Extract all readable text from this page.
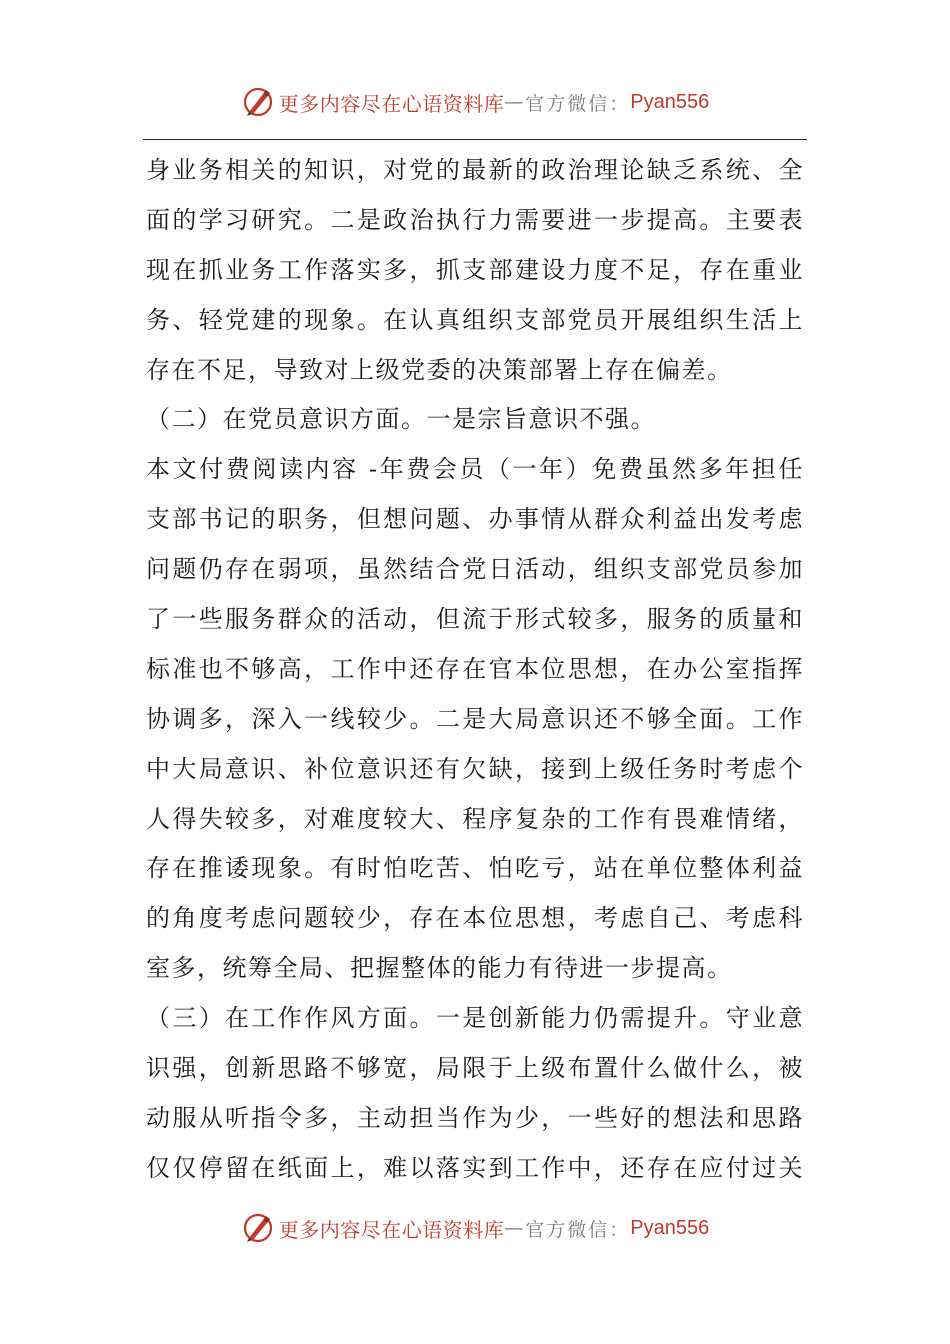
更多内容尽在心语资料库 — 官方微信： Pyan556
身业务相关的知识，对党的最新的政治理论缺乏系统、全
面的学习研究。二是政治执行力需要进一步提高。主要表
现在抓业务工作落实多，抓支部建设力度不足，存在重业
务、轻党建的现象。在认真组织支部党员开展组织生活上
存在不足，导致对上级党委的决策部署上存在偏差。
（二）在党员意识方面。一是宗旨意识不强。
本文付费阅读内容 -年费会员（一年）免费虽然多年担任
支部书记的职务，但想问题、办事情从群众利益出发考虑
问题仍存在弱项，虽然结合党日活动，组织支部党员参加
了一些服务群众的活动，但流于形式较多，服务的质量和
标准也不够高，工作中还存在官本位思想，在办公室指挥
协调多，深入一线较少。二是大局意识还不够全面。工作
中大局意识、补位意识还有欠缺，接到上级任务时考虑个
人得失较多，对难度较大、程序复杂的工作有畏难情绪，
存在推诿现象。有时怕吃苦、怕吃亏，站在单位整体利益
的角度考虑问题较少，存在本位思想，考虑自己、考虑科
室多，统筹全局、把握整体的能力有待进一步提高。
（三）在工作作风方面。一是创新能力仍需提升。守业意
识强，创新思路不够宽，局限于上级布置什么做什么，被
动服从听指令多，主动担当作为少，一些好的想法和思路
仅仅停留在纸面上，难以落实到工作中，还存在应付过关
更多内容尽在心语资料库 — 官方微信： Pyan556
